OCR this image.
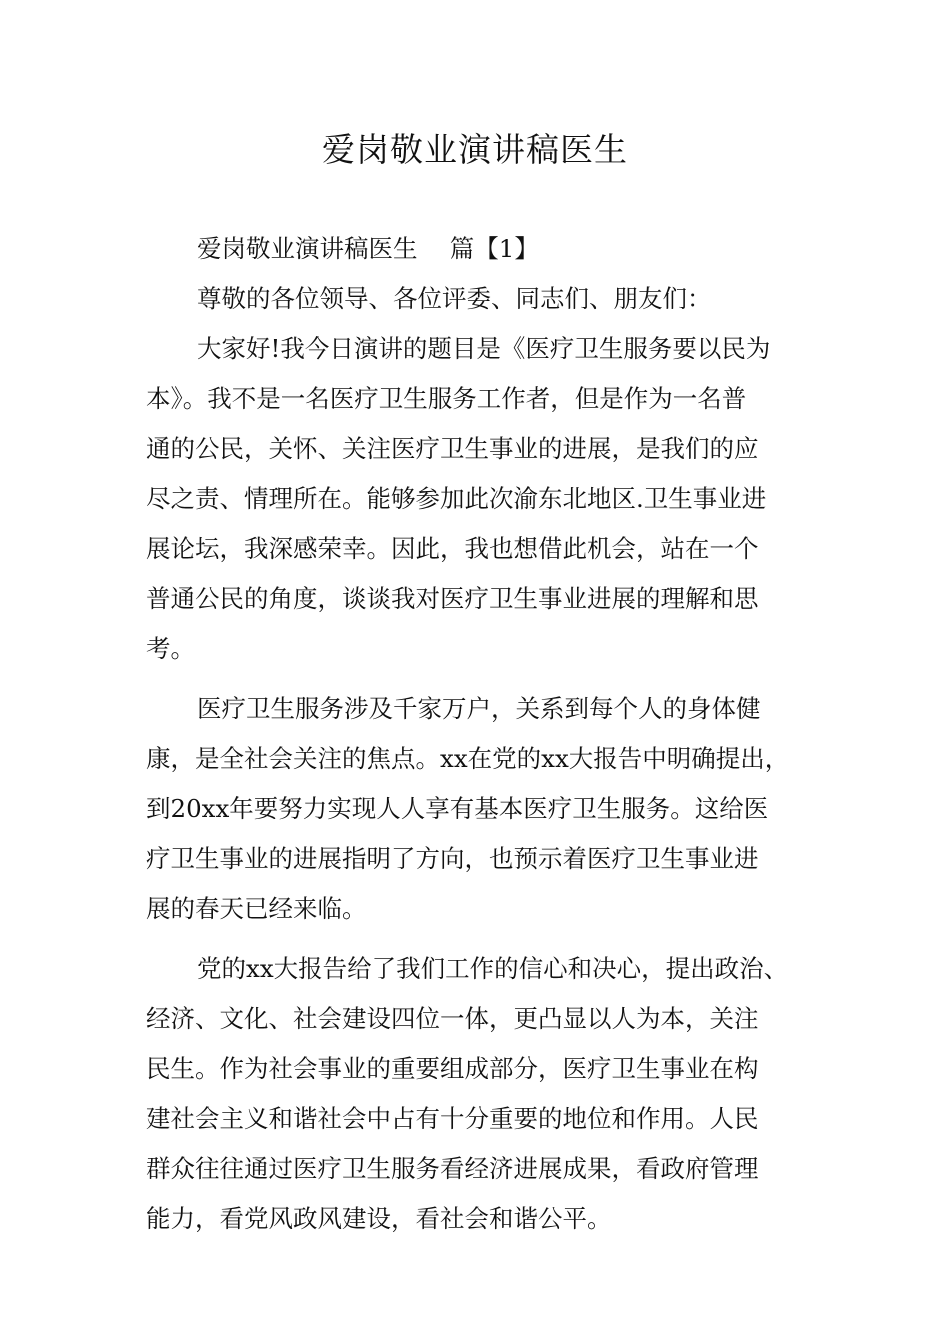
爱岗敬业演讲稿医生
爱岗敬业演讲稿医生　 篇【1】
尊敬的各位领导、各位评委、同志们、朋友们：
大家好!我今日演讲的题目是《医疗卫生服务要以民为
本》。我不是一名医疗卫生服务工作者，但是作为一名普
通的公民，关怀、关注医疗卫生事业的进展，是我们的应
尽之责、情理所在。能够参加此次渝东北地区.卫生事业进
展论坛，我深感荣幸。因此，我也想借此机会，站在一个
普通公民的角度，谈谈我对医疗卫生事业进展的理解和思
考。
医疗卫生服务涉及千家万户，关系到每个人的身体健
康，是全社会关注的焦点。xx在党的xx大报告中明确提出，
到20xx年要努力实现人人享有基本医疗卫生服务。这给医
疗卫生事业的进展指明了方向，也预示着医疗卫生事业进
展的春天已经来临。
党的xx大报告给了我们工作的信心和决心，提出政治、
经济、文化、社会建设四位一体，更凸显以人为本，关注
民生。作为社会事业的重要组成部分，医疗卫生事业在构
建社会主义和谐社会中占有十分重要的地位和作用。人民
群众往往通过医疗卫生服务看经济进展成果，看政府管理
能力，看党风政风建设，看社会和谐公平。
